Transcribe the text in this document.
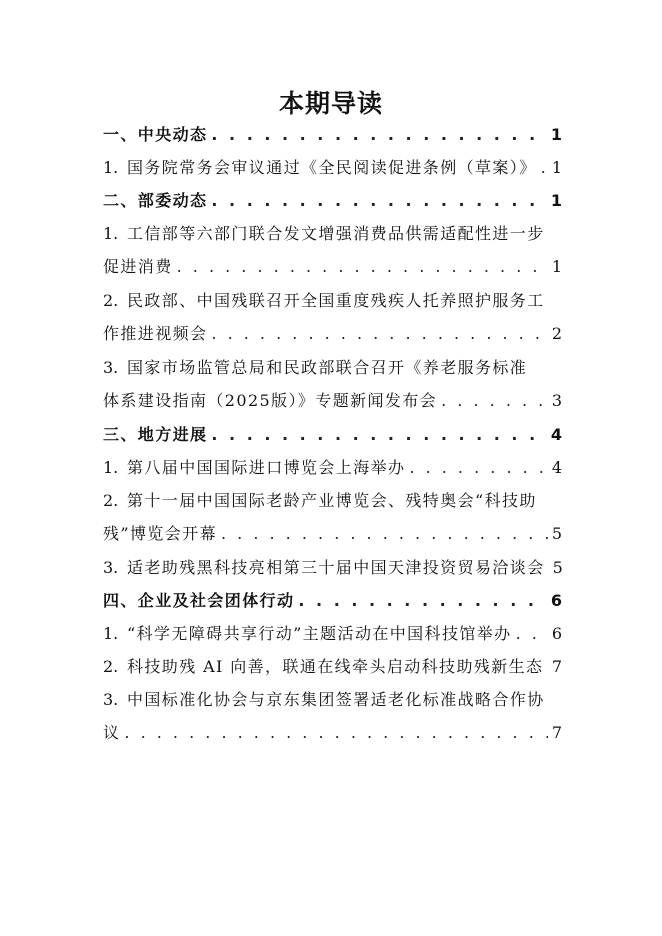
本期导读
一、中央动态 . . .	1
1. 国务院常务会审议通过《全民阅读促进条例（草案）》 . . . 1
二、部委动态 . . .	1
1. 工信部等六部门联合发文增强消费品供需适配性进一步
促进消费 . . .	1
2. 民政部、中国残联召开全国重度残疾人托养照护服务工
作推进视频会 . . .	2
3. 国家市场监管总局和民政部联合召开《养老服务标准
体系建设指南（2025版）》专题新闻发布会 . . .	3
三、地方进展 . . .	4
1. 第八届中国国际进口博览会上海举办 . . .	4
2. 第十一届中国国际老龄产业博览会、残特奥会“科技助
残”博览会开幕 . . .	5
3. 适老助残黑科技亮相第三十届中国天津投资贸易洽谈会 5
四、企业及社会团体行动 . . .	6
1. “科学无障碍共享行动”主题活动在中国科技馆举办 . . .	6
2. 科技助残 AI 向善，联通在线牵头启动科技助残新生态 . . . 7
3. 中国标准化协会与京东集团签署适老化标准战略合作协
议 . . .	7
